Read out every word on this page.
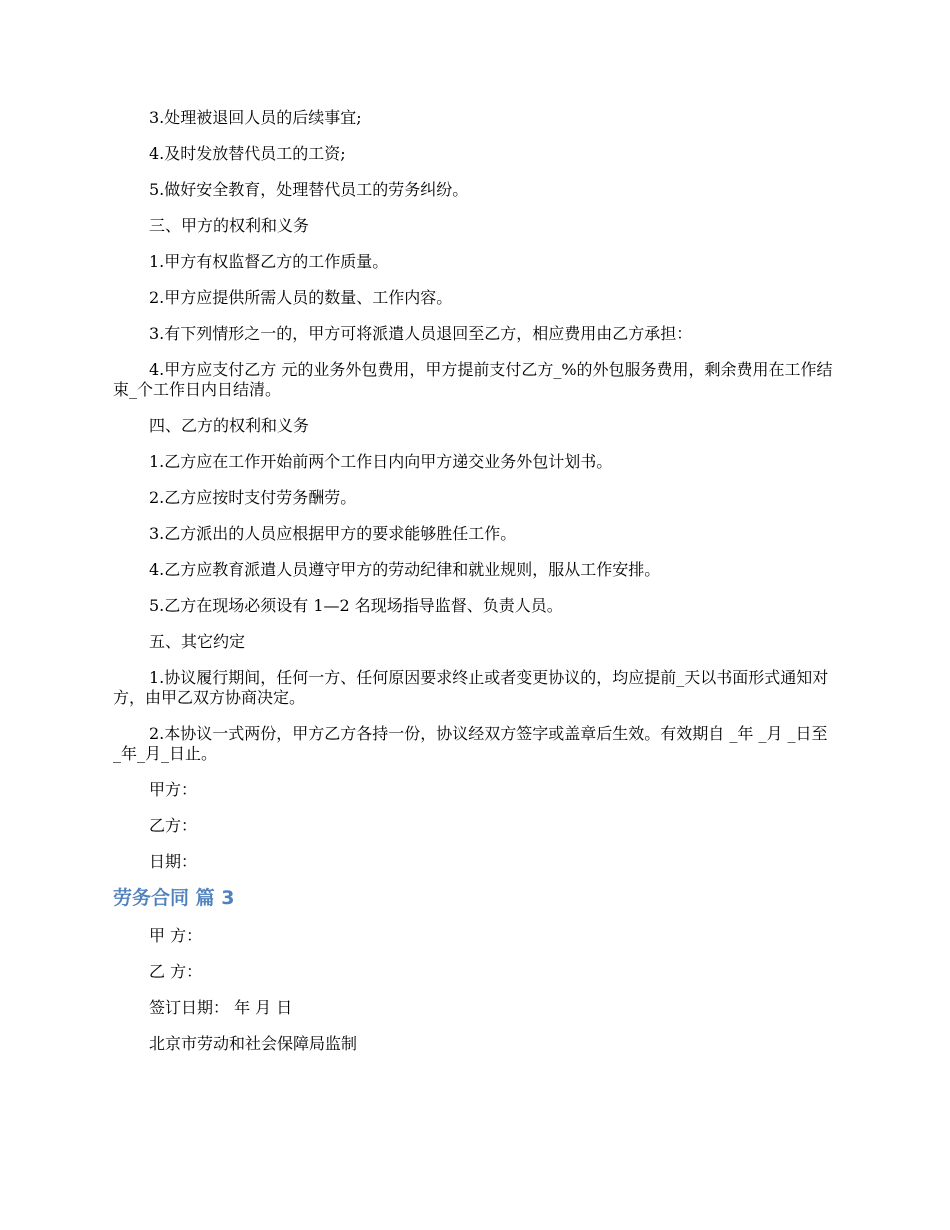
3.处理被退回人员的后续事宜;

4.及时发放替代员工的工资;

5.做好安全教育，处理替代员工的劳务纠纷。

三、甲方的权利和义务

1.甲方有权监督乙方的工作质量。

2.甲方应提供所需人员的数量、工作内容。

3.有下列情形之一的，甲方可将派遣人员退回至乙方，相应费用由乙方承担：

4.甲方应支付乙方 元的业务外包费用，甲方提前支付乙方_%的外包服务费用，剩余费用在工作结束_个工作日内日结清。

四、乙方的权利和义务

1.乙方应在工作开始前两个工作日内向甲方递交业务外包计划书。

2.乙方应按时支付劳务酬劳。

3.乙方派出的人员应根据甲方的要求能够胜任工作。

4.乙方应教育派遣人员遵守甲方的劳动纪律和就业规则，服从工作安排。

5.乙方在现场必须设有 1—2 名现场指导监督、负责人员。

五、其它约定

1.协议履行期间，任何一方、任何原因要求终止或者变更协议的，均应提前_天以书面形式通知对方，由甲乙双方协商决定。

2.本协议一式两份，甲方乙方各持一份，协议经双方签字或盖章后生效。有效期自 _年 _月 _日至 _年_月_日止。

甲方：

乙方：

日期：

劳务合同 篇 3

甲 方：

乙 方：

签订日期： 年 月 日

北京市劳动和社会保障局监制
